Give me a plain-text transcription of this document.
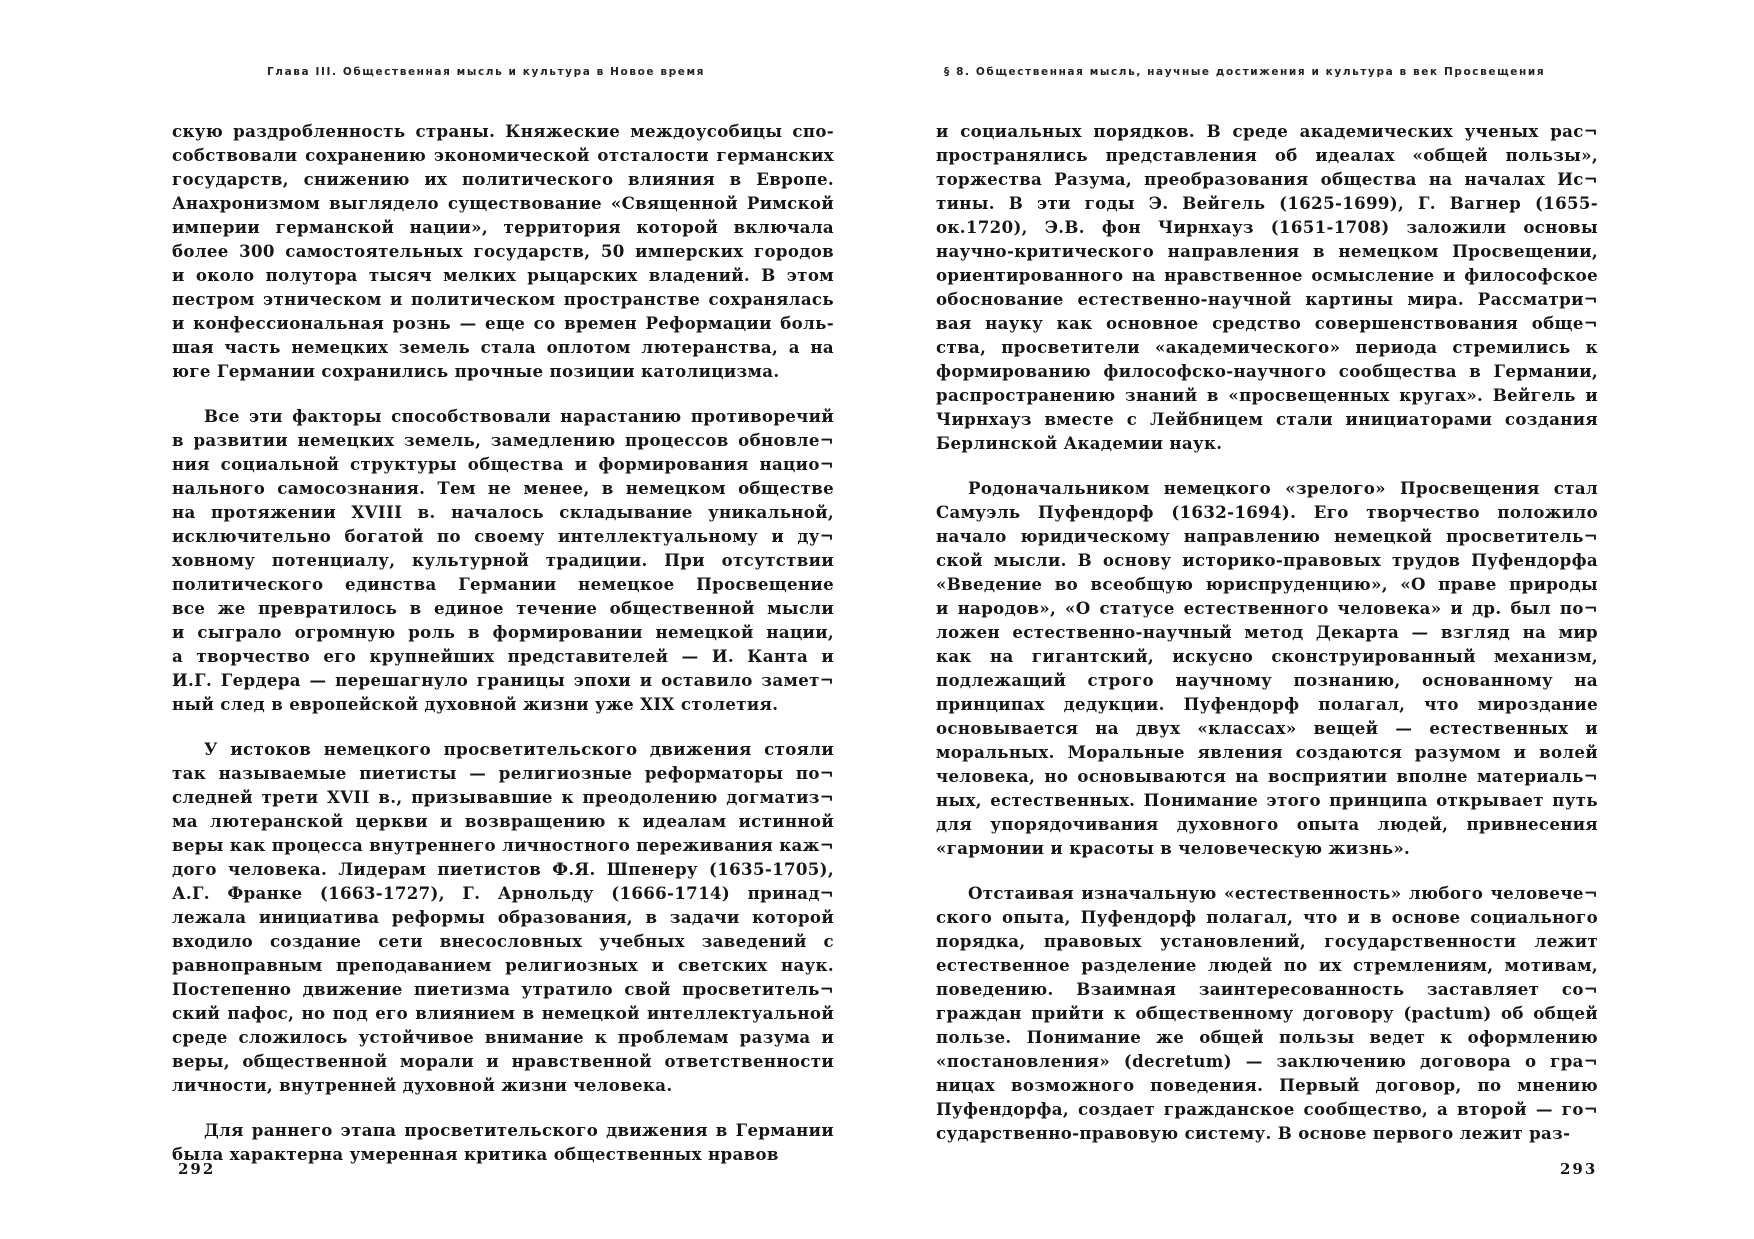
Глава III. Общественная мысль и культура в Новое время
скую раздробленность страны. Княжеские междоусобицы спо-
собствовали сохранению экономической отсталости германских
государств, снижению их политического влияния в Европе.
Анахронизмом выглядело существование «Священной Римской
империи германской нации», территория которой включала
более 300 самостоятельных государств, 50 имперских городов
и около полутора тысяч мелких рыцарских владений. В этом
пестром этническом и политическом пространстве сохранялась
и конфессиональная рознь — еще со времен Реформации боль-
шая часть немецких земель стала оплотом лютеранства, а на
юге Германии сохранились прочные позиции католицизма.
Все эти факторы способствовали нарастанию противоречий
в развитии немецких земель, замедлению процессов обновле¬
ния социальной структуры общества и формирования нацио¬
нального самосознания. Тем не менее, в немецком обществе
на протяжении XVIII в. началось складывание уникальной,
исключительно богатой по своему интеллектуальному и ду¬
ховному потенциалу, культурной традиции. При отсутствии
политического единства Германии немецкое Просвещение
все же превратилось в единое течение общественной мысли
и сыграло огромную роль в формировании немецкой нации,
а творчество его крупнейших представителей — И. Канта и
И.Г. Гердера — перешагнуло границы эпохи и оставило замет¬
ный след в европейской духовной жизни уже XIX столетия.
У истоков немецкого просветительского движения стояли
так называемые пиетисты — религиозные реформаторы по¬
следней трети XVII в., призывавшие к преодолению догматиз¬
ма лютеранской церкви и возвращению к идеалам истинной
веры как процесса внутреннего личностного переживания каж¬
дого человека. Лидерам пиетистов Ф.Я. Шпенеру (1635-1705),
А.Г. Франке (1663-1727), Г. Арнольду (1666-1714) принад¬
лежала инициатива реформы образования, в задачи которой
входило создание сети внесословных учебных заведений с
равноправным преподаванием религиозных и светских наук.
Постепенно движение пиетизма утратило свой просветитель¬
ский пафос, но под его влиянием в немецкой интеллектуальной
среде сложилось устойчивое внимание к проблемам разума и
веры, общественной морали и нравственной ответственности
личности, внутренней духовной жизни человека.
Для раннего этапа просветительского движения в Германии
была характерна умеренная критика общественных нравов
292
§ 8. Общественная мысль, научные достижения и культура в век Просвещения
и социальных порядков. В среде академических ученых рас¬
пространялись представления об идеалах «общей пользы»,
торжества Разума, преобразования общества на началах Ис¬
тины. В эти годы Э. Вейгель (1625-1699), Г. Вагнер (1655-
ок.1720), Э.В. фон Чирнхауз (1651-1708) заложили основы
научно-критического направления в немецком Просвещении,
ориентированного на нравственное осмысление и философское
обоснование естественно-научной картины мира. Рассматри¬
вая науку как основное средство совершенствования обще¬
ства, просветители «академического» периода стремились к
формированию философско-научного сообщества в Германии,
распространению знаний в «просвещенных кругах». Вейгель и
Чирнхауз вместе с Лейбницем стали инициаторами создания
Берлинской Академии наук.
Родоначальником немецкого «зрелого» Просвещения стал
Самуэль Пуфендорф (1632-1694). Его творчество положило
начало юридическому направлению немецкой просветитель¬
ской мысли. В основу историко-правовых трудов Пуфендорфа
«Введение во всеобщую юриспруденцию», «О праве природы
и народов», «О статусе естественного человека» и др. был по¬
ложен естественно-научный метод Декарта — взгляд на мир
как на гигантский, искусно сконструированный механизм,
подлежащий строго научному познанию, основанному на
принципах дедукции. Пуфендорф полагал, что мироздание
основывается на двух «классах» вещей — естественных и
моральных. Моральные явления создаются разумом и волей
человека, но основываются на восприятии вполне материаль¬
ных, естественных. Понимание этого принципа открывает путь
для упорядочивания духовного опыта людей, привнесения
«гармонии и красоты в человеческую жизнь».
Отстаивая изначальную «естественность» любого человече¬
ского опыта, Пуфендорф полагал, что и в основе социального
порядка, правовых установлений, государственности лежит
естественное разделение людей по их стремлениям, мотивам,
поведению. Взаимная заинтересованность заставляет со¬
граждан прийти к общественному договору (pactum) об общей
пользе. Понимание же общей пользы ведет к оформлению
«постановления» (decretum) — заключению договора о гра¬
ницах возможного поведения. Первый договор, по мнению
Пуфендорфа, создает гражданское сообщество, а второй — го¬
сударственно-правовую систему. В основе первого лежит раз-
293
